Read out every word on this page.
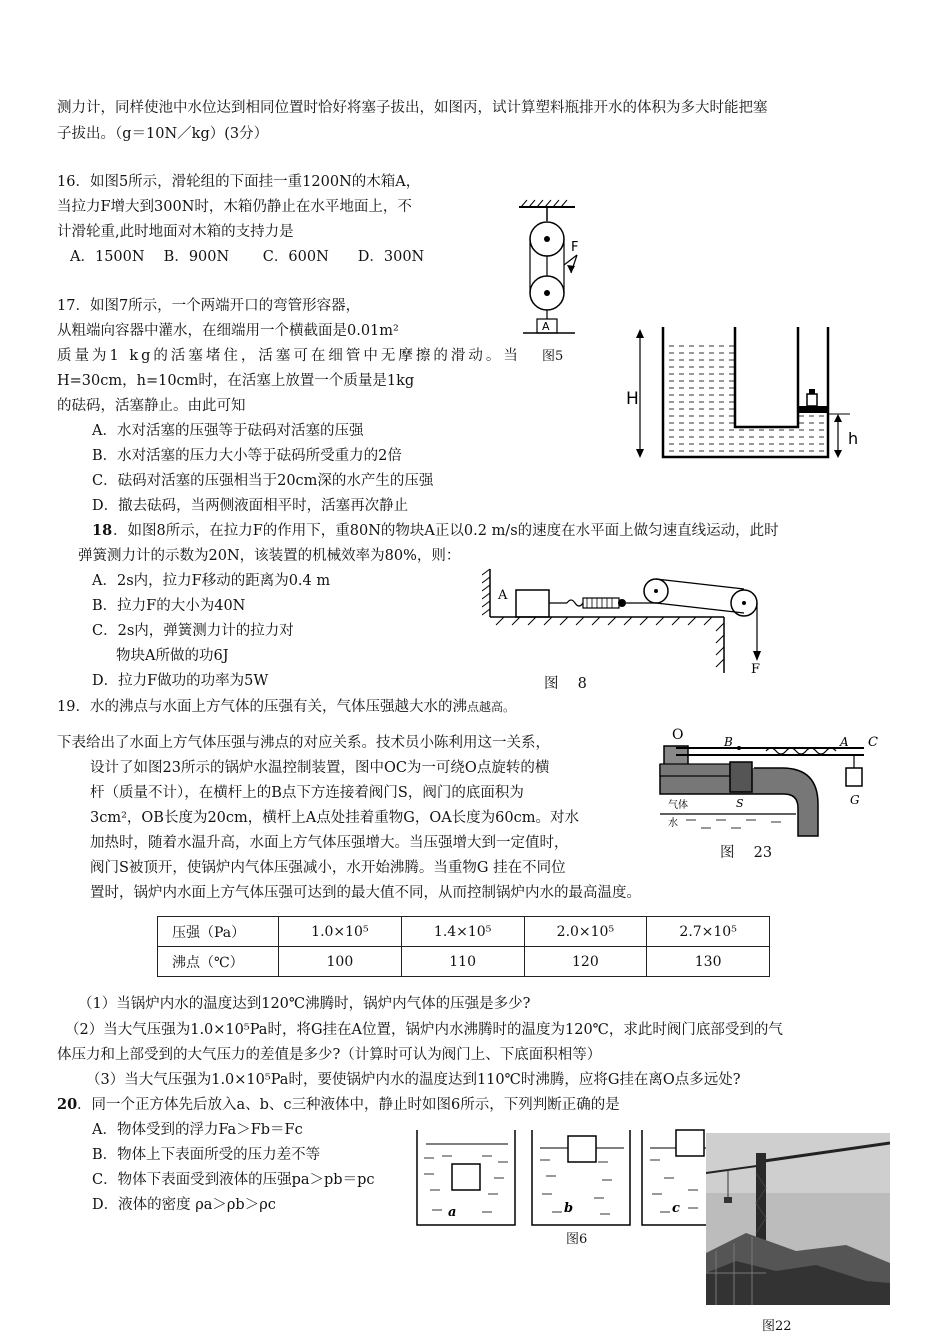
测力计，同样使池中水位达到相同位置时恰好将塞子拔出，如图丙，试计算塑料瓶排开水的体积为多大时能把塞
子拔出。（g＝10N／kg）(3分）
16．如图5所示，滑轮组的下面挂一重1200N的木箱A，
当拉力F增大到300N时，木箱仍静止在水平地面上，不
计滑轮重,此时地面对木箱的支持力是
A．1500N　 B．900N　　 C．600N　　D．300N
F
A
17．如图7所示，一个两端开口的弯管形容器，
从粗端向容器中灌水，在细端用一个横截面是0.01m²
质量为1 kg的活塞堵住，活塞可在细管中无摩擦的滑动。当 图5
H=30cm，h=10cm时，在活塞上放置一个质量是1kg
的砝码，活塞静止。由此可知
A．水对活塞的压强等于砝码对活塞的压强
B．水对活塞的压力大小等于砝码所受重力的2倍
C．砝码对活塞的压强相当于20cm深的水产生的压强
D．撤去砝码，当两侧液面相平时，活塞再次静止
H
h
18 ．如图8所示，在拉力F的作用下，重80N的物块A正以0.2 m/s的速度在水平面上做匀速直线运动，此时
弹簧测力计的示数为20N，该装置的机械效率为80%，则：
A．2s内，拉力F移动的距离为0.4 m
B．拉力F的大小为40N
C．2s内，弹簧测力计的拉力对
物块A所做的功6J
D．拉力F做功的功率为5W
A
F
图　 8
19．水的沸点与水面上方气体的压强有关，气体压强越大水的沸点越高。
下表给出了水面上方气体压强与沸点的对应关系。技术员小陈利用这一关系，
设计了如图23所示的锅炉水温控制装置，图中OC为一可绕O点旋转的横
杆（质量不计），在横杆上的B点下方连接着阀门S，阀门的底面积为
3cm²，OB长度为20cm，横杆上A点处挂着重物G，OA长度为60cm。对水
加热时，随着水温升高，水面上方气体压强增大。当压强增大到一定值时，
阀门S被顶开，使锅炉内气体压强减小，水开始沸腾。当重物G 挂在不同位
置时，锅炉内水面上方气体压强可达到的最大值不同，从而控制锅炉内水的最高温度。
O	B	A C
G
S
气体
水
图　 23
压强（Pa）	1.0×10⁵	1.4×10⁵	2.0×10⁵	2.7×10⁵
沸点（℃）	100	110	120	130
（1）当锅炉内水的温度达到120℃沸腾时，锅炉内气体的压强是多少?
（2）当大气压强为1.0×10⁵Pa时，将G挂在A位置，锅炉内水沸腾时的温度为120℃，求此时阀门底部受到的气
体压力和上部受到的大气压力的差值是多少?（计算时可认为阀门上、下底面积相等）
（3）当大气压强为1.0×10⁵Pa时，要使锅炉内水的温度达到110℃时沸腾，应将G挂在离O点多远处?
20 ．同一个正方体先后放入a、b、c三种液体中，静止时如图6所示，下列判断正确的是
A．物体受到的浮力Fa＞Fb＝Fc
B．物体上下表面所受的压力差不等
C．物体下表面受到液体的压强pa＞pb＝pc
D．液体的密度 ρa＞ρb＞ρc	a	b	c
图6
图22
